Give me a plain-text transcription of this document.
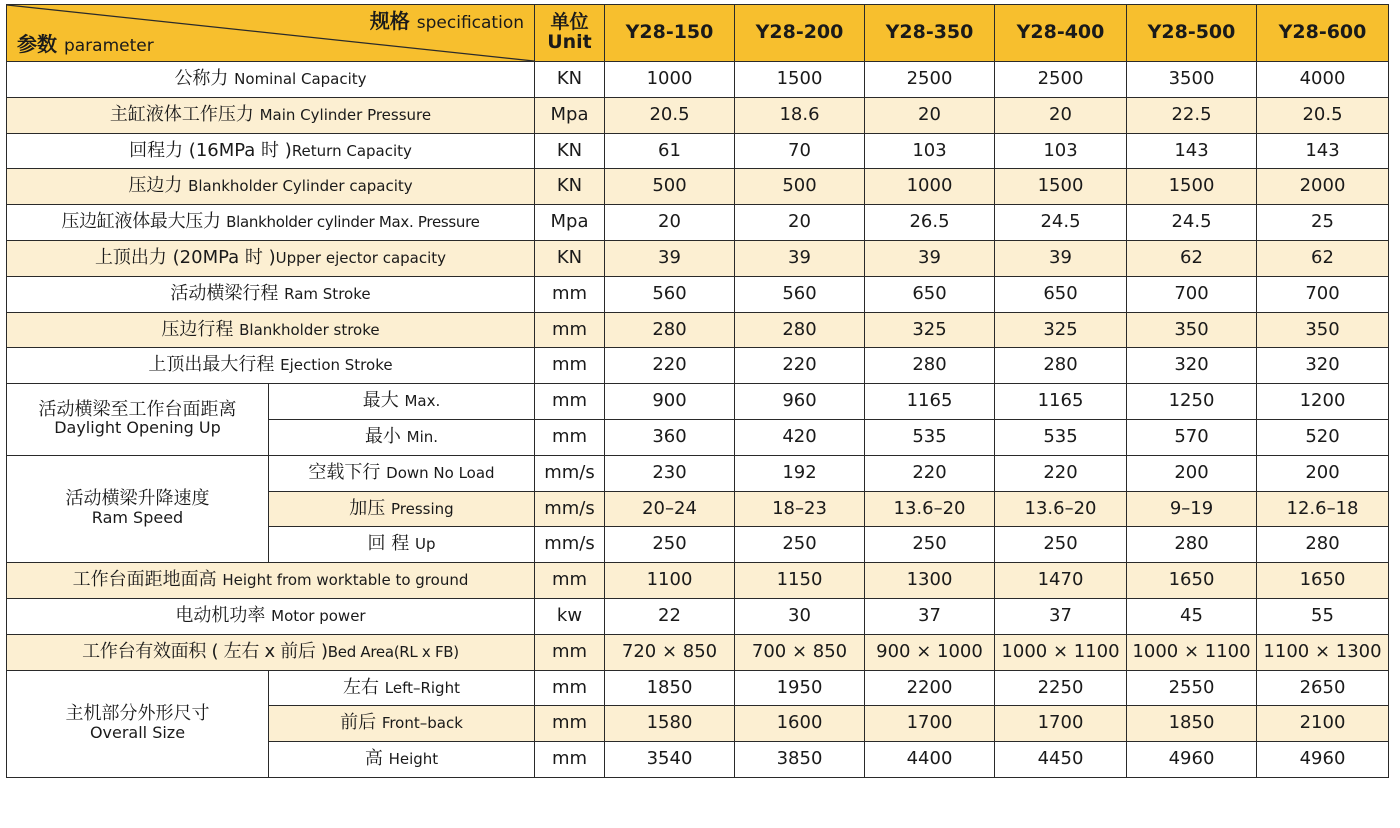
规格 specification
参数 parameter		单位
Unit	Y28-150	Y28-200	Y28-350	Y28-400	Y28-500	Y28-600
公称力 Nominal Capacity		KN	1000	1500	2500	2500	3500	4000
主缸液体工作压力 Main Cylinder Pressure		Mpa	20.5	18.6	20	20	22.5	20.5
回程力 (16MPa 时 )Return Capacity		KN	61	70	103	103	143	143
压边力 Blankholder Cylinder capacity		KN	500	500	1000	1500	1500	2000
压边缸液体最大压力 Blankholder cylinder Max. Pressure		Mpa	20	20	26.5	24.5	24.5	25
上顶出力 (20MPa 时 )Upper ejector capacity		KN	39	39	39	39	62	62
活动横梁行程 Ram Stroke		mm	560	560	650	650	700	700
压边行程 Blankholder stroke		mm	280	280	325	325	350	350
上顶出最大行程 Ejection Stroke		mm	220	220	280	280	320	320
活动横梁至工作台面距离
Daylight Opening Up	最大 Max.	mm	900	960	1165	1165	1250	1200
	最小 Min.	mm	360	420	535	535	570	520
活动横梁升降速度
Ram Speed	空载下行 Down No Load	mm/s	230	192	220	220	200	200
	加压 Pressing	mm/s	20–24	18–23	13.6–20	13.6–20	9–19	12.6–18
	回 程 Up	mm/s	250	250	250	250	280	280
工作台面距地面高 Height from worktable to ground		mm	1100	1150	1300	1470	1650	1650
电动机功率 Motor power		kw	22	30	37	37	45	55
工作台有效面积 ( 左右 x 前后 )Bed Area(RL x FB)		mm	720 × 850	700 × 850	900 × 1000	1000 × 1100	1000 × 1100	1100 × 1300
主机部分外形尺寸
Overall Size	左右 Left–Right	mm	1850	1950	2200	2250	2550	2650
	前后 Front–back	mm	1580	1600	1700	1700	1850	2100
	高 Height	mm	3540	3850	4400	4450	4960	4960
